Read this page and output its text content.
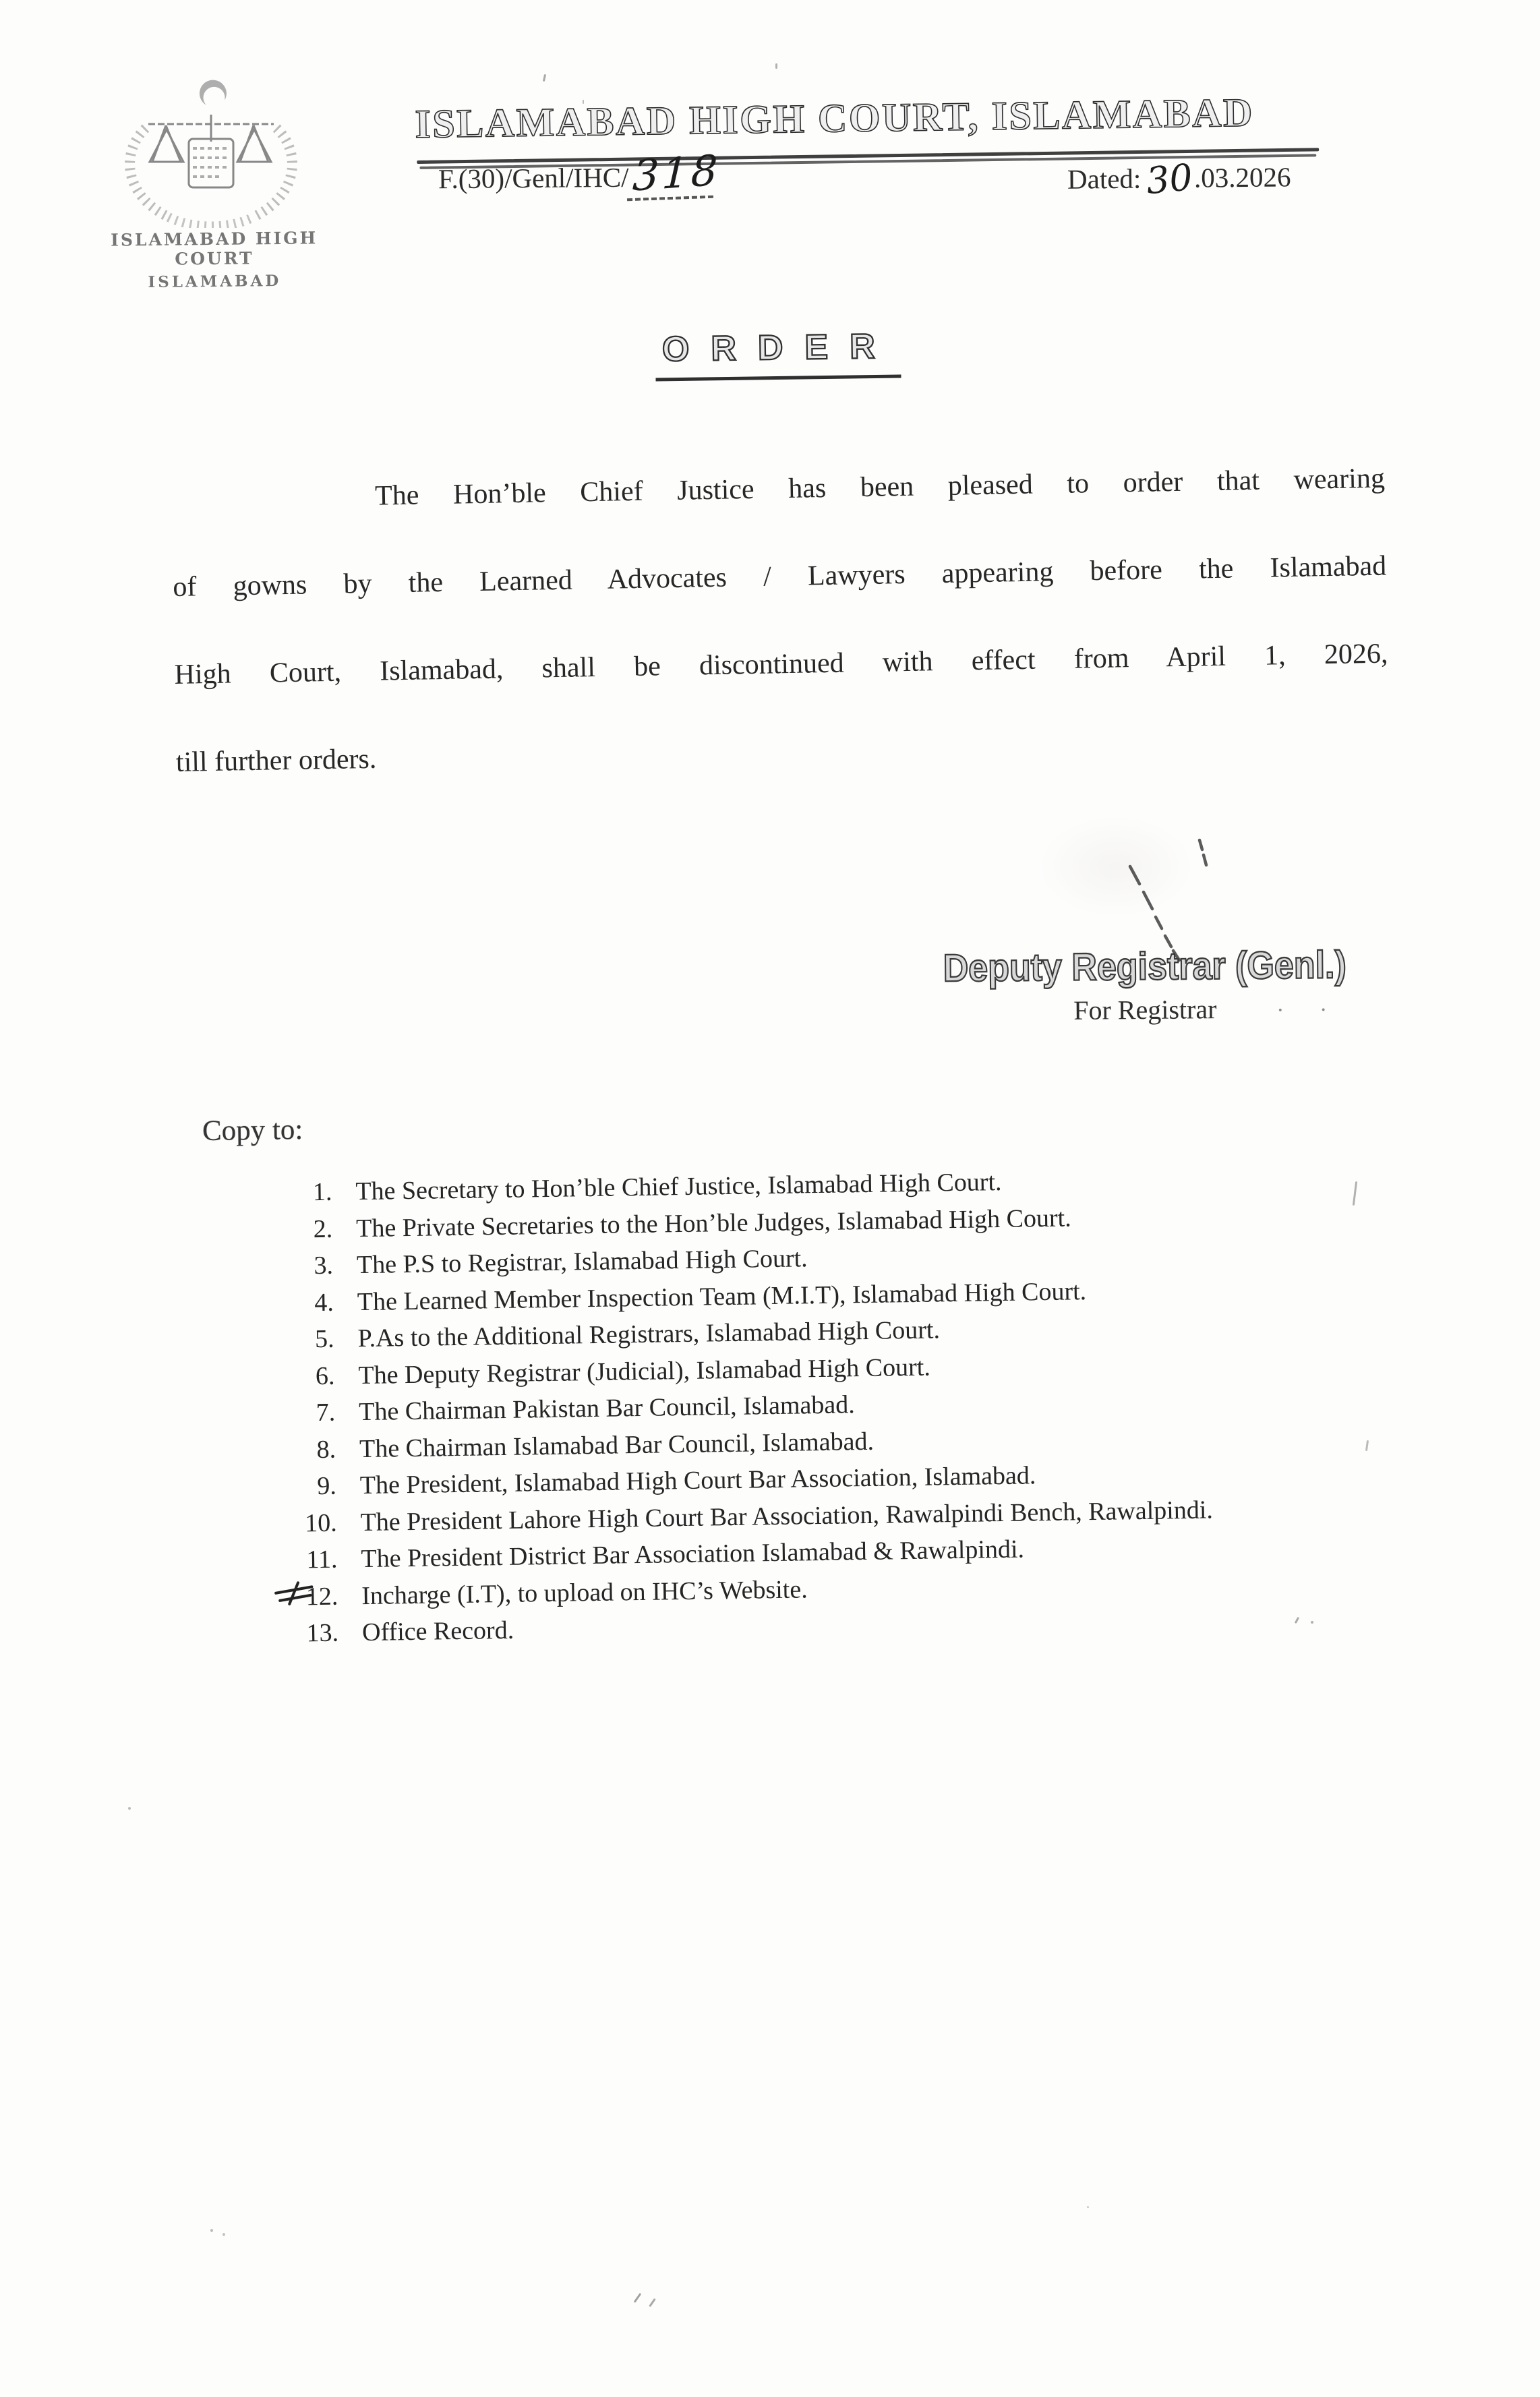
ISLAMABAD HIGH COURT
ISLAMABAD
ISLAMABAD HIGH COURT, ISLAMABAD
F.(30)/Genl/IHC/ 318	Dated:30.03.2026
ORDER
The Hon’ble Chief Justice has been pleased to order that wearing
of gowns by the Learned Advocates / Lawyers appearing before the Islamabad
High Court, Islamabad, shall be discontinued with effect from April 1, 2026,
till further orders.
Deputy Registrar (Genl.)
For Registrar	· ·
Copy to:
The Secretary to Hon’ble Chief Justice, Islamabad High Court.
The Private Secretaries to the Hon’ble Judges, Islamabad High Court.
The P.S to Registrar, Islamabad High Court.
The Learned Member Inspection Team (M.I.T), Islamabad High Court.
P.As to the Additional Registrars, Islamabad High Court.
The Deputy Registrar (Judicial), Islamabad High Court.
The Chairman Pakistan Bar Council, Islamabad.
The Chairman Islamabad Bar Council, Islamabad.
The President, Islamabad High Court Bar Association, Islamabad.
The President Lahore High Court Bar Association, Rawalpindi Bench, Rawalpindi.
The President District Bar Association Islamabad & Rawalpindi.
Incharge (I.T), to upload on IHC’s Website.
Office Record.
